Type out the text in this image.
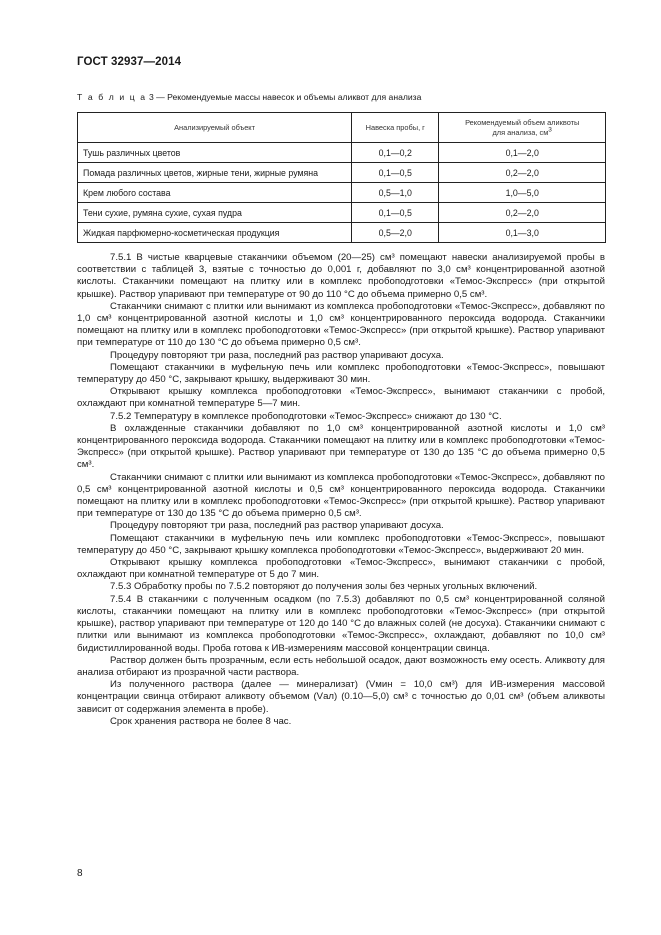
ГОСТ 32937—2014
Т а б л и ц а 3 — Рекомендуемые массы навесок и объемы аликвот для анализа
Анализируемый объект	Навеска пробы, г	Рекомендуемый объем аликвоты
для анализа, $см^3$
Тушь различных цветов	0,1—0,2	0,1—2,0
Помада различных цветов, жирные тени, жирные румяна	0,1—0,5	0,2—2,0
Крем любого состава	0,5—1,0	1,0—5,0
Тени сухие, румяна сухие, сухая пудра	0,1—0,5	0,2—2,0
Жидкая парфюмерно-косметическая продукция	0,5—2,0	0,1—3,0

7.5.1 В чистые кварцевые стаканчики объемом (20—25) см³ помещают навески анализируемой пробы в соответствии с таблицей 3, взятые с точностью до 0,001 г, добавляют по 3,0 см³ концентрированной азотной кислоты. Стаканчики помещают на плитку или в комплекс пробоподготовки «Темос-Экспресс» (при открытой крышке). Раствор упаривают при температуре от 90 до 110 °С до объема примерно 0,5 см³.

Стаканчики снимают с плитки или вынимают из комплекса пробоподготовки «Темос-Экспресс», добавляют по 1,0 см³ концентрированной азотной кислоты и 1,0 см³ концентрированного пероксида водорода. Стаканчики помещают на плитку или в комплекс пробоподготовки «Темос-Экспресс» (при открытой крышке). Раствор упаривают при температуре от 110 до 130 °С до объема примерно 0,5 см³.

Процедуру повторяют три раза, последний раз раствор упаривают досуха.

Помещают стаканчики в муфельную печь или комплекс пробоподготовки «Темос-Экспресс», повышают температуру до 450 °С, закрывают крышку, выдерживают 30 мин.

Открывают крышку комплекса пробоподготовки «Темос-Экспресс», вынимают стаканчики с пробой, охлаждают при комнатной температуре 5—7 мин.

7.5.2 Температуру в комплексе пробоподготовки «Темос-Экспресс» снижают до 130 °С.

В охлажденные стаканчики добавляют по 1,0 см³ концентрированной азотной кислоты и 1,0 см³ концентрированного пероксида водорода. Стаканчики помещают на плитку или в комплекс пробоподготовки «Темос-Экспресс» (при открытой крышке). Раствор упаривают при температуре от 130 до 135 °С до объема примерно 0,5 см³.

Стаканчики снимают с плитки или вынимают из комплекса пробоподготовки «Темос-Экспресс», добавляют по 0,5 см³ концентрированной азотной кислоты и 0,5 см³ концентрированного пероксида водорода. Стаканчики помещают на плитку или в комплекс пробоподготовки «Темос-Экспресс» (при открытой крышке). Раствор упаривают при температуре от 130 до 135 °С до объема примерно 0,5 см³.

Процедуру повторяют три раза, последний раз раствор упаривают досуха.

Помещают стаканчики в муфельную печь или комплекс пробоподготовки «Темос-Экспресс», повышают температуру до 450 °С, закрывают крышку комплекса пробоподготовки «Темос-Экспресс», выдерживают 20 мин.

Открывают крышку комплекса пробоподготовки «Темос-Экспресс», вынимают стаканчики с пробой, охлаждают при комнатной температуре от 5 до 7 мин.

7.5.3 Обработку пробы по 7.5.2 повторяют до получения золы без черных угольных включений.

7.5.4 В стаканчики с полученным осадком (по 7.5.3) добавляют по 0,5 см³ концентрированной соляной кислоты, стаканчики помещают на плитку или в комплекс пробоподготовки «Темос-Экспресс» (при открытой крышке), раствор упаривают при температуре от 120 до 140 °С до влажных солей (не досуха). Стаканчики снимают с плитки или вынимают из комплекса пробоподготовки «Темос-Экспресс», охлаждают, добавляют по 10,0 см³ бидистиллированной воды. Проба готова к ИВ-измерениям массовой концентрации свинца.

Раствор должен быть прозрачным, если есть небольшой осадок, дают возможность ему осесть. Аликвоту для анализа отбирают из прозрачной части раствора.

Из полученного раствора (далее — минерализат) (Vмин = 10,0 см³) для ИВ-измерения массовой концентрации свинца отбирают аликвоту объемом (Vал) (0.10—5,0) см³ с точностью до 0,01 см³ (объем аликвоты зависит от содержания элемента в пробе).

Срок хранения раствора не более 8 час.

8
